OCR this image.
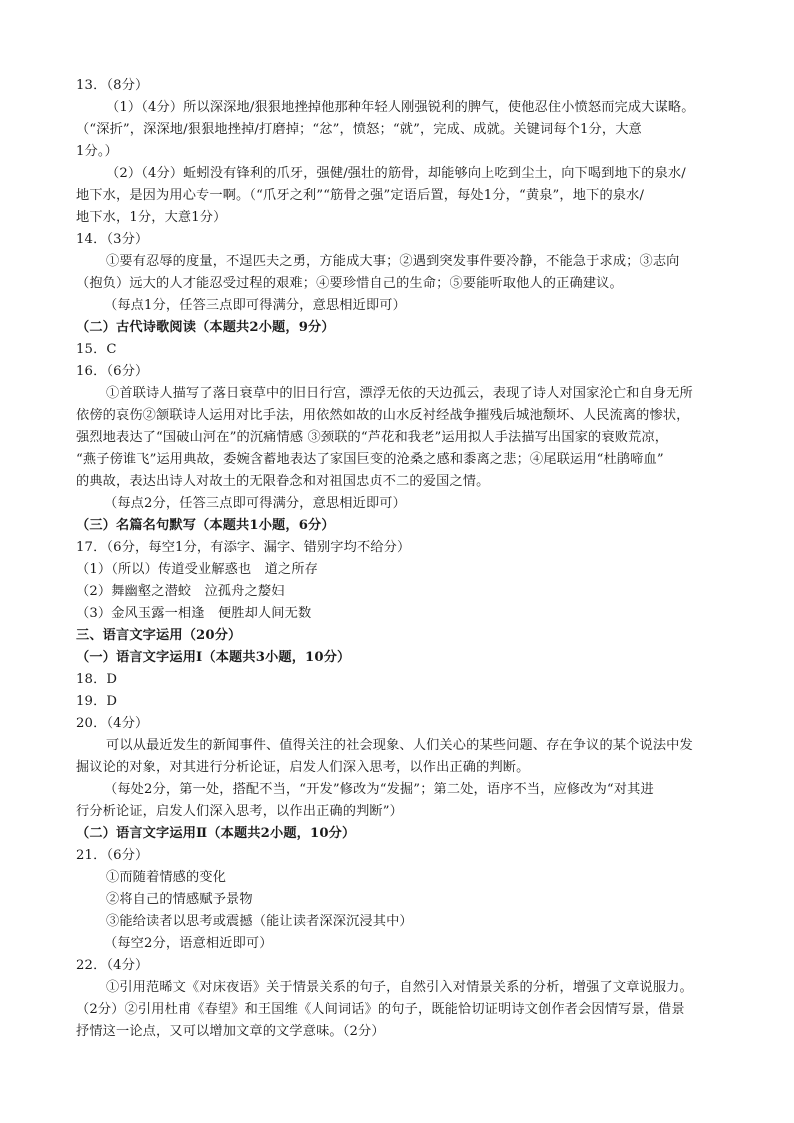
13．（8分）
（1）（4分）所以深深地/狠狠地挫掉他那种年轻人刚强锐利的脾气，使他忍住小愤怒而完成大谋略。
（“深折”，深深地/狠狠地挫掉/打磨掉；“忿”，愤怒；“就”，完成、成就。关键词每个1分，大意
1分。）
（2）（4分）蚯蚓没有锋利的爪牙，强健/强壮的筋骨，却能够向上吃到尘土，向下喝到地下的泉水/
地下水，是因为用心专一啊。（“爪牙之利”“筋骨之强”定语后置，每处1分，“黄泉”，地下的泉水/
地下水，1分，大意1分）
14．（3分）
①要有忍辱的度量，不逞匹夫之勇，方能成大事；②遇到突发事件要冷静，不能急于求成；③志向
（抱负）远大的人才能忍受过程的艰难；④要珍惜自己的生命；⑤要能听取他人的正确建议。
（每点1分，任答三点即可得满分，意思相近即可）
（二）古代诗歌阅读（本题共2小题，9分）
15．C
16．（6分）
①首联诗人描写了落日衰草中的旧日行宫，漂浮无依的天边孤云，表现了诗人对国家沦亡和自身无所
依傍的哀伤②颔联诗人运用对比手法，用依然如故的山水反衬经战争摧残后城池颓坏、人民流离的惨状，
强烈地表达了“国破山河在”的沉痛情感 ③颈联的“芦花和我老”运用拟人手法描写出国家的衰败荒凉，
“燕子傍谁飞”运用典故，委婉含蓄地表达了家国巨变的沧桑之感和黍离之悲；④尾联运用“杜鹃啼血”
的典故，表达出诗人对故土的无限眷念和对祖国忠贞不二的爱国之情。
（每点2分，任答三点即可得满分，意思相近即可）
（三）名篇名句默写（本题共1小题，6分）
17．（6分，每空1分，有添字、漏字、错别字均不给分）
（1）（所以）传道受业解惑也　道之所存
（2）舞幽壑之潜蛟　泣孤舟之嫠妇
（3）金风玉露一相逢　便胜却人间无数
三、语言文字运用（20分）
（一）语言文字运用Ⅰ（本题共3小题，10分）
18．D
19．D
20．（4分）
可以从最近发生的新闻事件、值得关注的社会现象、人们关心的某些问题、存在争议的某个说法中发
掘议论的对象，对其进行分析论证，启发人们深入思考，以作出正确的判断。
（每处2分，第一处，搭配不当，“开发”修改为“发掘”；第二处，语序不当，应修改为“对其进
行分析论证，启发人们深入思考，以作出正确的判断”）
（二）语言文字运用Ⅱ（本题共2小题，10分）
21．（6分）
①而随着情感的变化
②将自己的情感赋予景物
③能给读者以思考或震撼（能让读者深深沉浸其中）
（每空2分，语意相近即可）
22．（4分）
①引用范晞文《对床夜语》关于情景关系的句子，自然引入对情景关系的分析，增强了文章说服力。
（2分）②引用杜甫《春望》和王国维《人间词话》的句子，既能恰切证明诗文创作者会因情写景，借景
抒情这一论点，又可以增加文章的文学意味。（2分）
